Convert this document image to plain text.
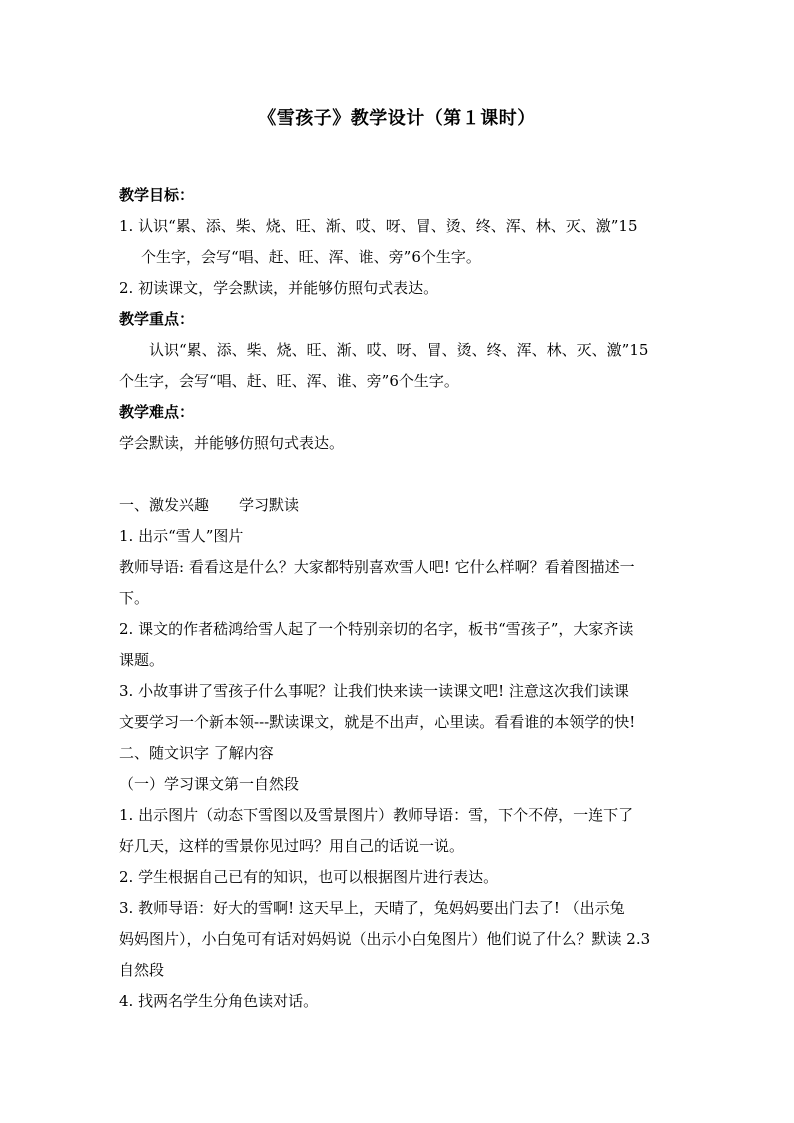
《雪孩子》教学设计（第１课时）
教学目标：
1. 认识“累、添、柴、烧、旺、渐、哎、呀、冒、烫、终、浑、林、灭、激”15
个生字，会写“唱、赶、旺、浑、谁、旁”6个生字。
2. 初读课文，学会默读，并能够仿照句式表达。
教学重点：
认识“累、添、柴、烧、旺、渐、哎、呀、冒、烫、终、浑、林、灭、激”15
个生字，会写“唱、赶、旺、浑、谁、旁”6个生字。
教学难点：
学会默读，并能够仿照句式表达。
一、激发兴趣　　学习默读
1. 出示“雪人”图片
教师导语: 看看这是什么？大家都特别喜欢雪人吧! 它什么样啊？看着图描述一
下。
2. 课文的作者嵇鸿给雪人起了一个特别亲切的名字，板书“雪孩子”，大家齐读
课题。
3. 小故事讲了雪孩子什么事呢？让我们快来读一读课文吧! 注意这次我们读课
文要学习一个新本领---默读课文，就是不出声，心里读。看看谁的本领学的快!
二、随文识字 了解内容
（一）学习课文第一自然段
1. 出示图片（动态下雪图以及雪景图片）教师导语：雪，下个不停，一连下了
好几天，这样的雪景你见过吗？用自己的话说一说。
2. 学生根据自己已有的知识，也可以根据图片进行表达。
3. 教师导语：好大的雪啊! 这天早上，天晴了，兔妈妈要出门去了! （出示兔
妈妈图片），小白兔可有话对妈妈说（出示小白兔图片）他们说了什么？默读 2.3
自然段
4. 找两名学生分角色读对话。
